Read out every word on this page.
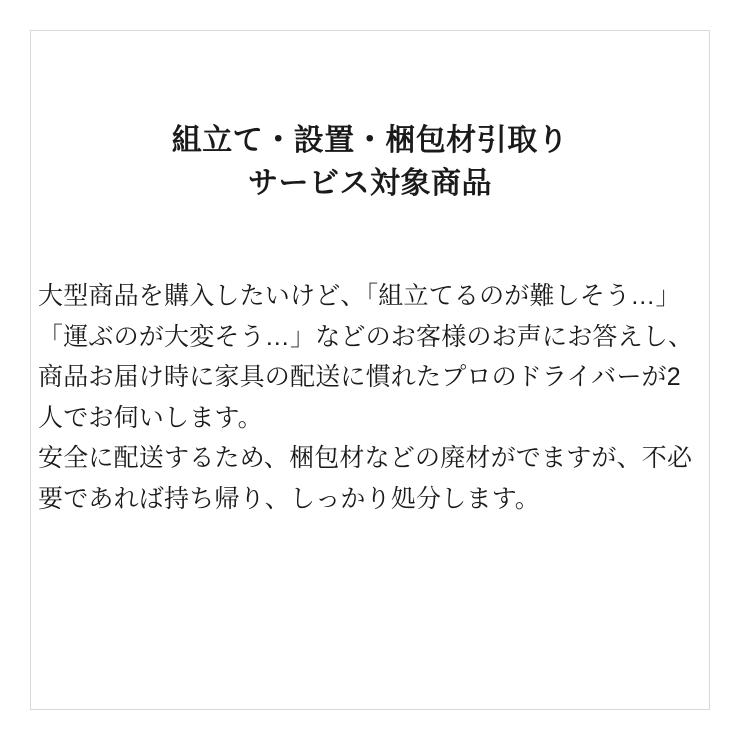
組立て・設置・梱包材引取り
サービス対象商品

大型商品を購入したいけど、「組立てるのが難しそう…」「運ぶのが大変そう…」などのお客様のお声にお答えし、商品お届け時に家具の配送に慣れたプロのドライバーが2人でお伺いします。

安全に配送するため、梱包材などの廃材がでますが、不必要であれば持ち帰り、しっかり処分します。
